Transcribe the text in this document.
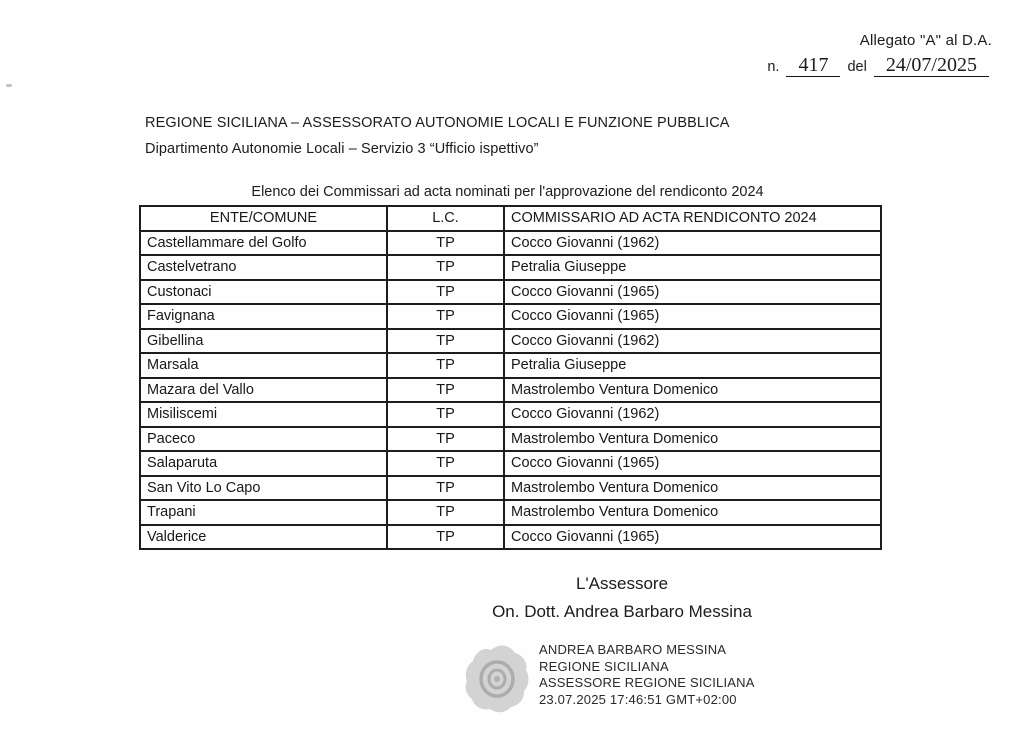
Allegato "A" al D.A.
n. 417 del 24/07/2025
REGIONE SICILIANA – ASSESSORATO AUTONOMIE LOCALI E FUNZIONE PUBBLICA
Dipartimento Autonomie Locali – Servizio 3 “Ufficio ispettivo”
Elenco dei Commissari ad acta nominati per l'approvazione del rendiconto 2024
ENTE/COMUNE	L.C.	COMMISSARIO AD ACTA RENDICONTO 2024
Castellammare del Golfo	TP	Cocco Giovanni (1962)
Castelvetrano	TP	Petralia Giuseppe
Custonaci	TP	Cocco Giovanni (1965)
Favignana	TP	Cocco Giovanni (1965)
Gibellina	TP	Cocco Giovanni (1962)
Marsala	TP	Petralia Giuseppe
Mazara del Vallo	TP	Mastrolembo Ventura Domenico
Misiliscemi	TP	Cocco Giovanni (1962)
Paceco	TP	Mastrolembo Ventura Domenico
Salaparuta	TP	Cocco Giovanni (1965)
San Vito Lo Capo	TP	Mastrolembo Ventura Domenico
Trapani	TP	Mastrolembo Ventura Domenico
Valderice	TP	Cocco Giovanni (1965)
L'Assessore
On. Dott. Andrea Barbaro Messina
ANDREA BARBARO MESSINA
REGIONE SICILIANA
ASSESSORE REGIONE SICILIANA
23.07.2025 17:46:51 GMT+02:00
